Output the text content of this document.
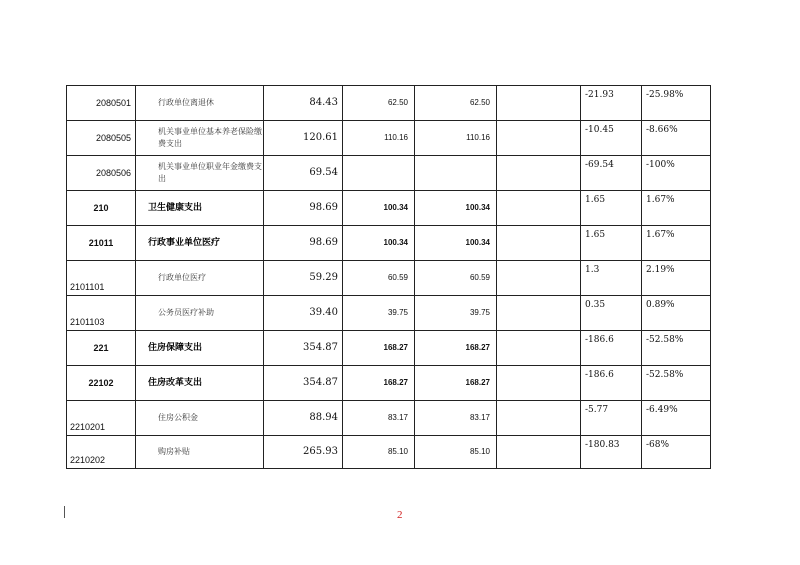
2080501	行政单位离退休	84.43	62.50	62.50		-21.93	-25.98%
2080505	机关事业单位基本养老保险缴费支出	120.61	110.16	110.16		-10.45	-8.66%
2080506	机关事业单位职业年金缴费支出	69.54				-69.54	-100%
210	卫生健康支出	98.69	100.34	100.34		1.65	1.67%
21011	行政事业单位医疗	98.69	100.34	100.34		1.65	1.67%
2101101	行政单位医疗	59.29	60.59	60.59		1.3	2.19%
2101103	公务员医疗补助	39.40	39.75	39.75		0.35	0.89%
221	住房保障支出	354.87	168.27	168.27		-186.6	-52.58%
22102	住房改革支出	354.87	168.27	168.27		-186.6	-52.58%
2210201	住房公积金	88.94	83.17	83.17		-5.77	-6.49%
2210202	购房补贴	265.93	85.10	85.10		-180.83	-68%
2
